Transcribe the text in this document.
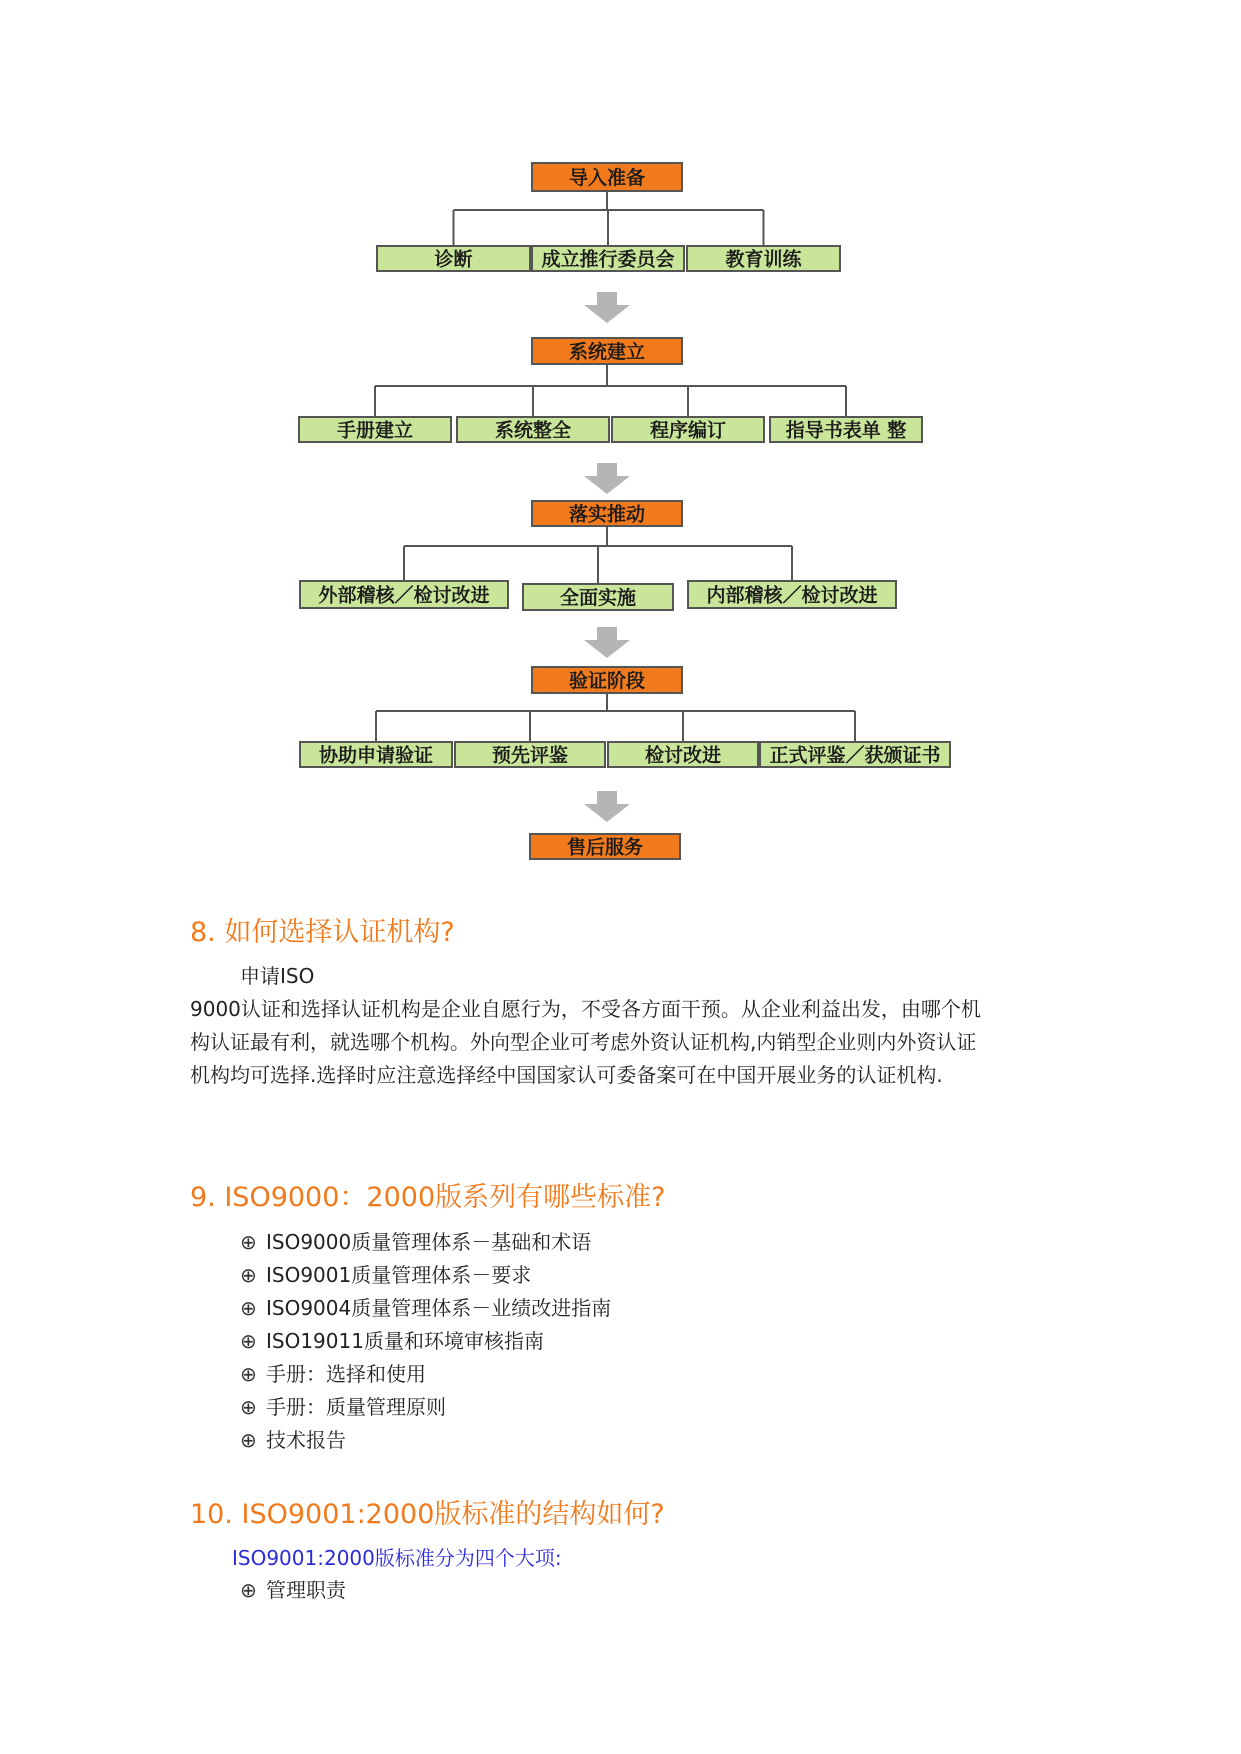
导入准备
诊断	成立推行委员会	教育训练
系统建立
手册建立	系统整全	程序编订	指导书表单 整
落实推动
外部稽核／检讨改进	全面实施	内部稽核／检讨改进
验证阶段
协助申请验证	预先评鉴	检讨改进	正式评鉴／获颁证书
售后服务
8. 如何选择认证机构?

申请ISO

9000认证和选择认证机构是企业自愿行为，不受各方面干预。从企业利益出发，由哪个机

构认证最有利，就选哪个机构。外向型企业可考虑外资认证机构,内销型企业则内外资认证

机构均可选择.选择时应注意选择经中国国家认可委备案可在中国开展业务的认证机构.

9. ISO9000：2000版系列有哪些标准?
⊕ ISO9000质量管理体系－基础和术语
⊕ ISO9001质量管理体系－要求
⊕ ISO9004质量管理体系－业绩改进指南
⊕ ISO19011质量和环境审核指南
⊕ 手册：选择和使用
⊕ 手册：质量管理原则
⊕ 技术报告
10. ISO9001:2000版标准的结构如何?

ISO9001:2000版标准分为四个大项:

⊕ 管理职责
